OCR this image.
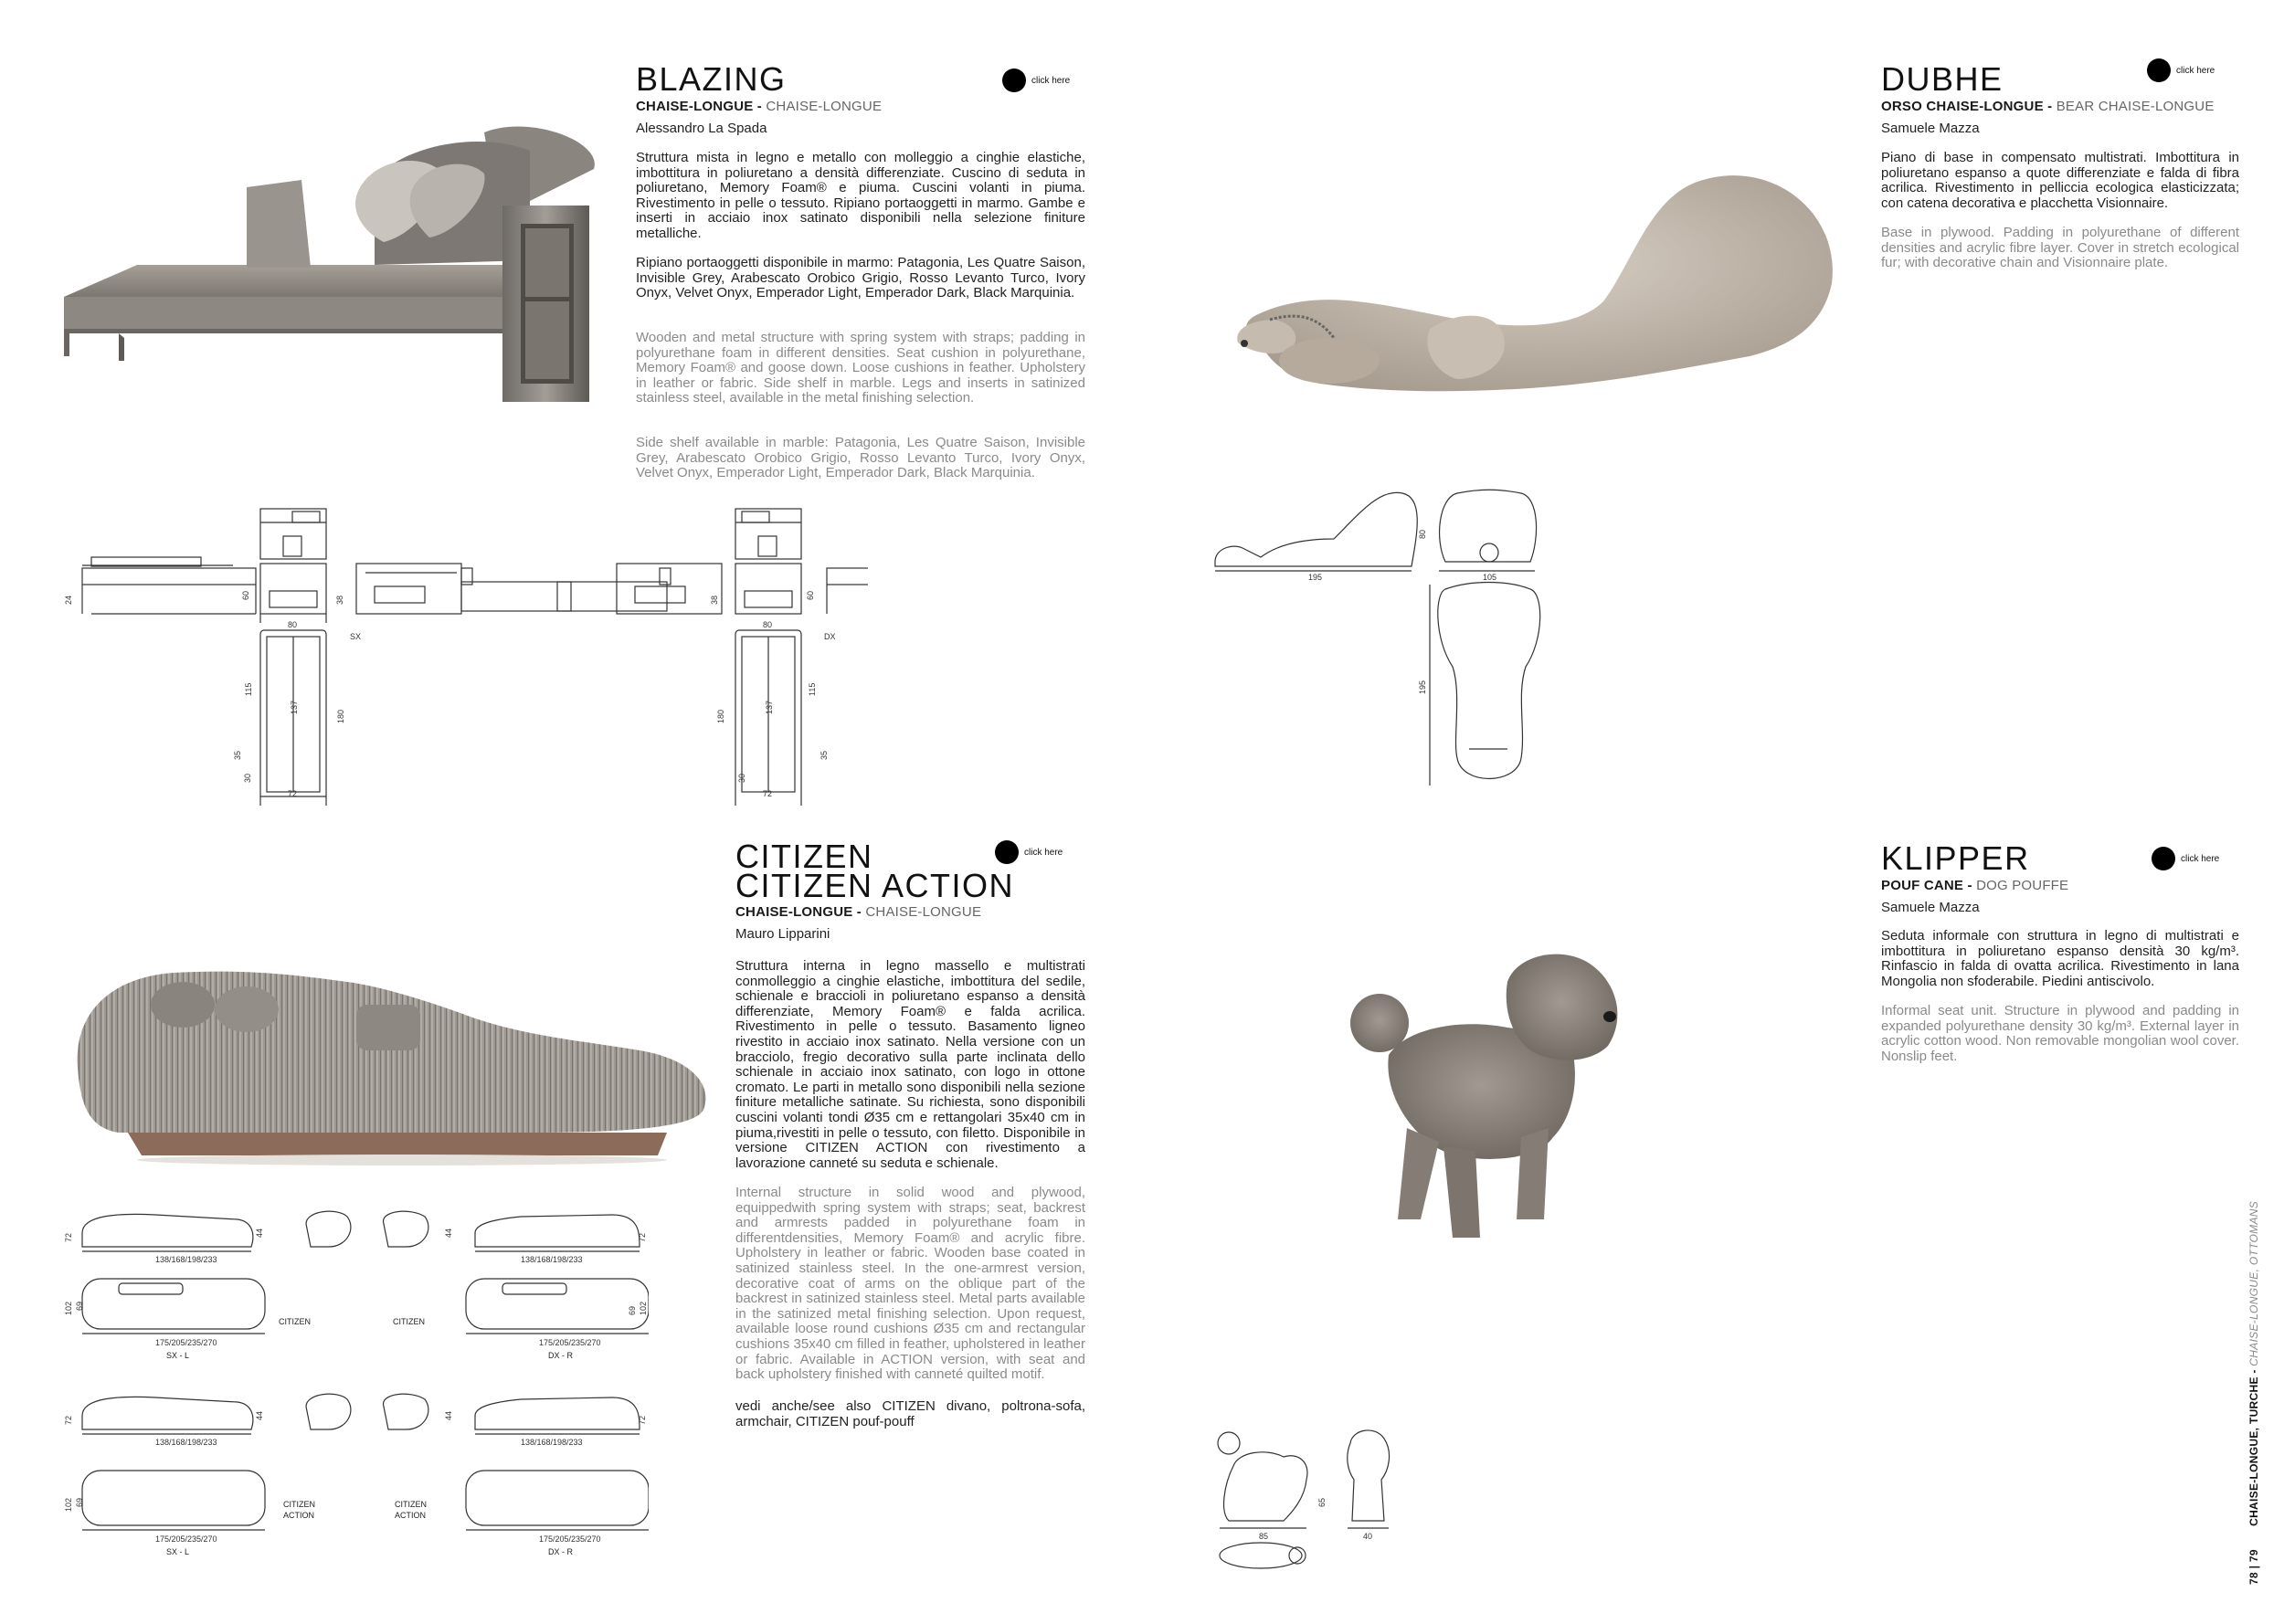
BLAZING	click here
CHAISE-LONGUE - CHAISE-LONGUE
Alessandro La Spada
Struttura mista in legno e metallo con molleggio a cinghie elastiche, imbottitura in poliuretano a densità differenziate. Cuscino di seduta in poliuretano, Memory Foam® e piuma. Cuscini volanti in piuma. Rivestimento in pelle o tessuto. Ripiano portaoggetti in marmo. Gambe e inserti in acciaio inox satinato disponibili nella selezione finiture metalliche.
Ripiano portaoggetti disponibile in marmo: Patagonia, Les Quatre Saison, Invisible Grey, Arabescato Orobico Grigio, Rosso Levanto Turco, Ivory Onyx, Velvet Onyx, Emperador Light, Emperador Dark, Black Marquinia.
Wooden and metal structure with spring system with straps; padding in polyurethane foam in different densities. Seat cushion in polyurethane, Memory Foam® and goose down. Loose cushions in feather. Upholstery in leather or fabric. Side shelf in marble. Legs and inserts in satinized stainless steel, available in the metal finishing selection.
Side shelf available in marble: Patagonia, Les Quatre Saison, Invisible Grey, Arabescato Orobico Grigio, Rosso Levanto Turco, Ivory Onyx, Velvet Onyx, Emperador Light, Emperador Dark, Black Marquinia.
24	60	38
80
SX
115
137
180
35
30
72
80
DX
38	60
180
137
115
35
30
72
DUBHE	click here
ORSO CHAISE-LONGUE - BEAR CHAISE-LONGUE
Samuele Mazza
Piano di base in compensato multistrati. Imbottitura in poliuretano espanso a quote differenziate e falda di fibra acrilica. Rivestimento in pelliccia ecologica elasticizzata; con catena decorativa e placchetta Visionnaire.
Base in plywood. Padding in polyurethane of different densities and acrylic fibre layer. Cover in stretch ecological fur; with decorative chain and Visionnaire plate.
195
80
105
195
CITIZEN
CITIZEN ACTION
click here
CHAISE-LONGUE - CHAISE-LONGUE
Mauro Lipparini
Struttura interna in legno massello e multistrati conmolleggio a cinghie elastiche, imbottitura del sedile, schienale e braccioli in poliuretano espanso a densità differenziate, Memory Foam® e falda acrilica. Rivestimento in pelle o tessuto. Basamento ligneo rivestito in acciaio inox satinato. Nella versione con un bracciolo, fregio decorativo sulla parte inclinata dello schienale in acciaio inox satinato, con logo in ottone cromato. Le parti in metallo sono disponibili nella sezione finiture metalliche satinate. Su richiesta, sono disponibili cuscini volanti tondi Ø35 cm e rettangolari 35x40 cm in piuma,rivestiti in pelle o tessuto, con filetto. Disponibile in versione CITIZEN ACTION con rivestimento a lavorazione canneté su seduta e schienale.
Internal structure in solid wood and plywood, equippedwith spring system with straps; seat, backrest and armrests padded in polyurethane foam in differentdensities, Memory Foam® and acrylic fibre. Upholstery in leather or fabric. Wooden base coated in satinized stainless steel. In the one-armrest version, decorative coat of arms on the oblique part of the backrest in satinized stainless steel. Metal parts available in the satinized metal finishing selection. Upon request, available loose round cushions Ø35 cm and rectangular cushions 35x40 cm filled in feather, upholstered in leather or fabric. Available in ACTION version, with seat and back upholstery finished with canneté quilted motif.
vedi anche/see also CITIZEN divano, poltrona-sofa, armchair, CITIZEN pouf-pouff
72
138/168/198/233
44	44
138/168/198/233
72
102 69
175/205/235/270
SX - L
CITIZEN	CITIZEN
175/205/235/270
DX - R
69 102
72
138/168/198/233
44	44
138/168/198/233
72
102 69
175/205/235/270
SX - L
CITIZEN
ACTION
CITIZEN
ACTION
175/205/235/270
DX - R
KLIPPER	click here
POUF CANE - DOG POUFFE
Samuele Mazza
Seduta informale con struttura in legno di multistrati e imbottitura in poliuretano espanso densità 30 kg/m³. Rinfascio in falda di ovatta acrilica. Rivestimento in lana Mongolia non sfoderabile. Piedini antiscivolo.
Informal seat unit. Structure in plywood and padding in expanded polyurethane density 30 kg/m³. External layer in acrylic cotton wood. Non removable mongolian wool cover. Nonslip feet.
85
65
40
78 | 79  CHAISE-LONGUE, TURCHE - CHAISE-LONGUE, OTTOMANS
